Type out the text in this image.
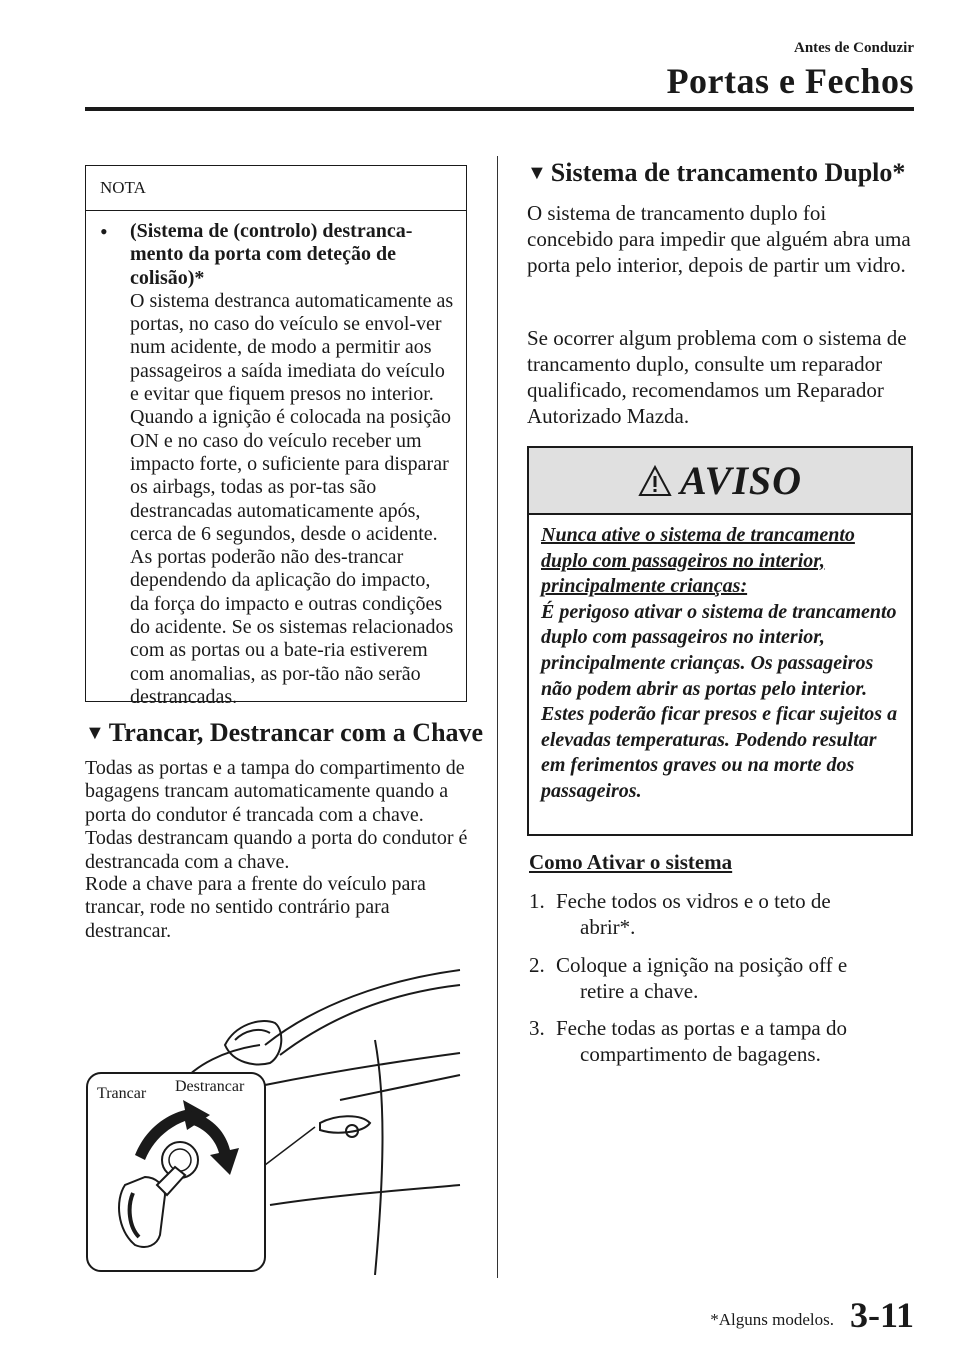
Antes de Conduzir
Portas e Fechos
NOTA
•	(Sistema de (controlo) destranca-mento da porta com deteção de colisão)*
O sistema destranca automaticamente as portas, no caso do veículo se envol-ver num acidente, de modo a permitir aos passageiros a saída imediata do veículo e evitar que fiquem presos no interior. Quando a ignição é colocada na posição ON e no caso do veículo receber um impacto forte, o suficiente para disparar os airbags, todas as por-tas são destrancadas automaticamente após, cerca de 6 segundos, desde o acidente. As portas poderão não des-trancar dependendo da aplicação do impacto, da força do impacto e outras condições do acidente. Se os sistemas relacionados com as portas ou a bate-ria estiverem com anomalias, as por-tão não serão destrancadas.
▼ Trancar, Destrancar com a Chave
Todas as portas e a tampa do compartimento de bagagens trancam automaticamente quando a porta do condutor é trancada com a chave. Todas destrancam quando a porta do condutor é destrancada com a chave.
Rode a chave para a frente do veículo para trancar, rode no sentido contrário para destrancar.
Trancar Destrancar
▼ Sistema de trancamento Duplo*
O sistema de trancamento duplo foi concebido para impedir que alguém abra uma porta pelo interior, depois de partir um vidro.
Se ocorrer algum problema com o sistema de trancamento duplo, consulte um reparador qualificado, recomendamos um Reparador Autorizado Mazda.
AVISO
Nunca ative o sistema de trancamento duplo com passageiros no interior, principalmente crianças:
É perigoso ativar o sistema de trancamento duplo com passageiros no interior, principalmente crianças. Os passageiros não podem abrir as portas pelo interior. Estes poderão ficar presos e ficar sujeitos a elevadas temperaturas. Podendo resultar em ferimentos graves ou na morte dos passageiros.
Como Ativar o sistema
1. Feche todos os vidros e o teto de
abrir*.
2. Coloque a ignição na posição off e
retire a chave.
3. Feche todas as portas e a tampa do
compartimento de bagagens.
*Alguns modelos. 3-11
